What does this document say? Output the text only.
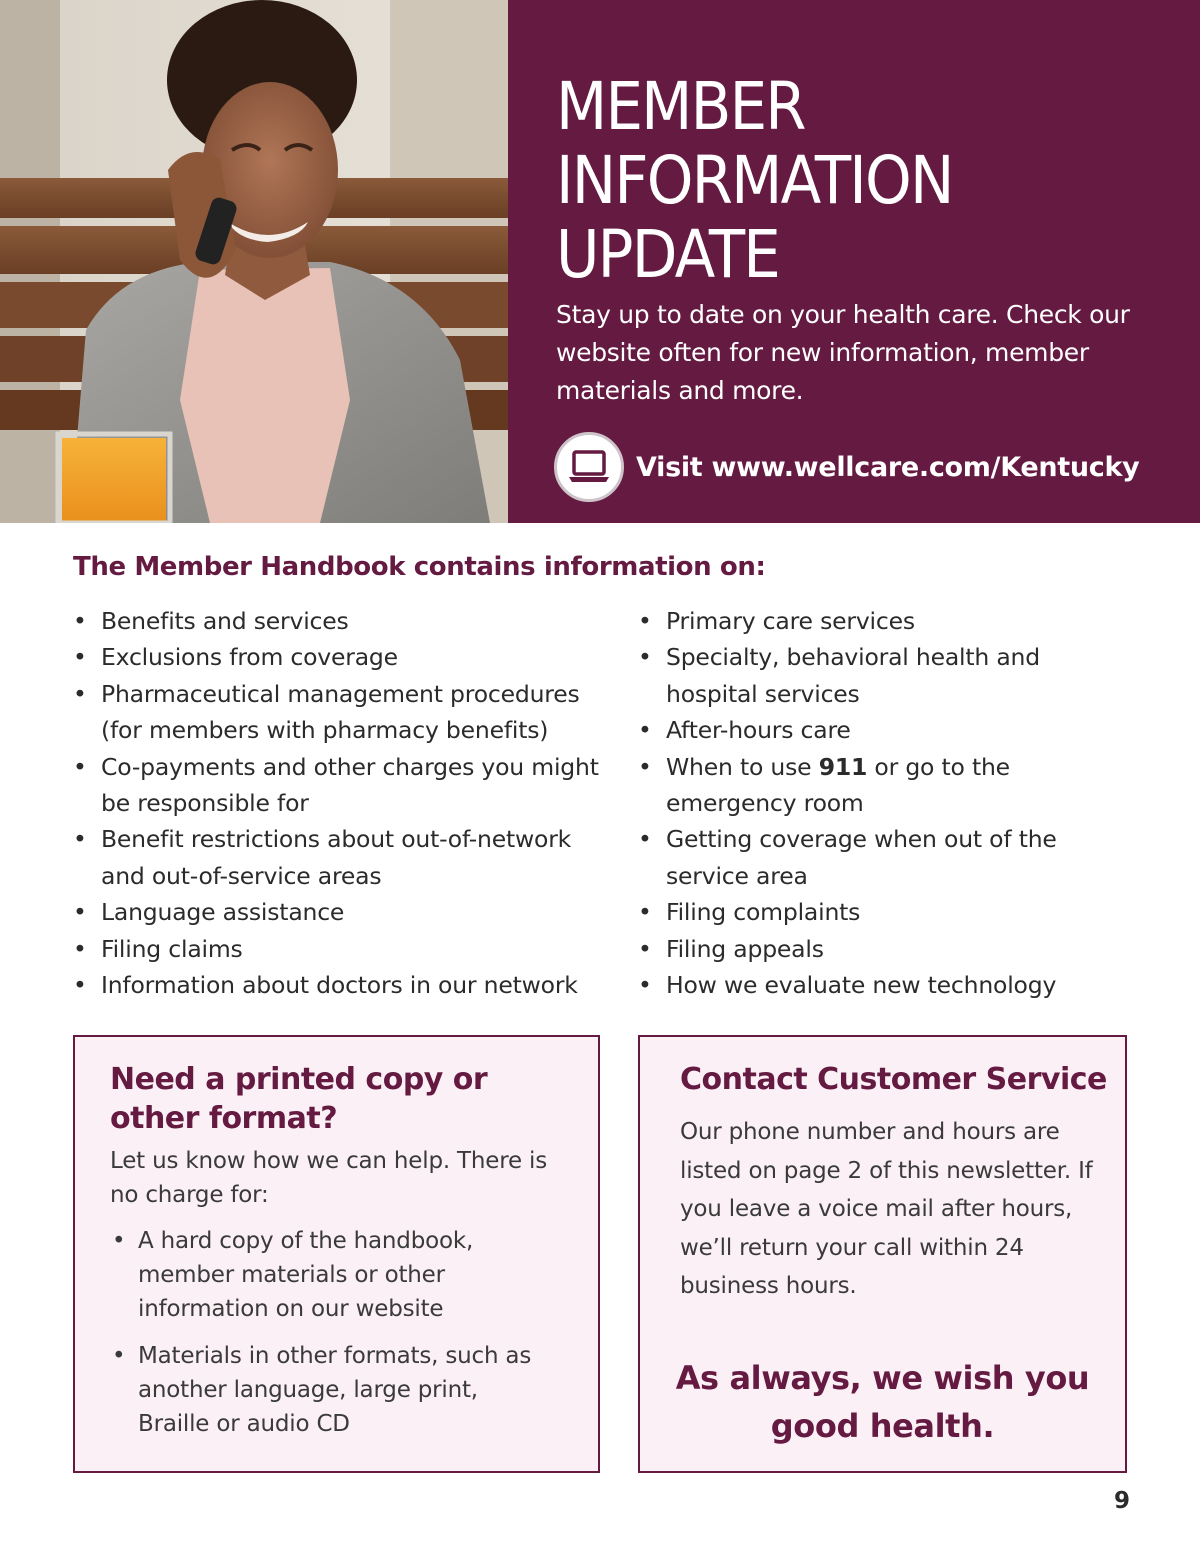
MEMBER
INFORMATION
UPDATE

Stay up to date on your health care. Check our website often for new information, member materials and more.

Visit www.wellcare.com/Kentucky
The Member Handbook contains information on:
• Benefits and services
• Exclusions from coverage
• Pharmaceutical management procedures (for members with pharmacy benefits)
• Co-payments and other charges you might be responsible for
• Benefit restrictions about out-of-network and out-of-service areas
• Language assistance
• Filing claims
• Information about doctors in our network
• Primary care services
• Specialty, behavioral health and hospital services
• After-hours care
• When to use 911 or go to the emergency room
• Getting coverage when out of the service area
• Filing complaints
• Filing appeals
• How we evaluate new technology
Need a printed copy or other format?

Let us know how we can help. There is no charge for:

• A hard copy of the handbook, member materials or other information on our website
• Materials in other formats, such as another language, large print, Braille or audio CD
Contact Customer Service

Our phone number and hours are listed on page 2 of this newsletter. If you leave a voice mail after hours, we’ll return your call within 24 business hours.

As always, we wish you good health.

9
